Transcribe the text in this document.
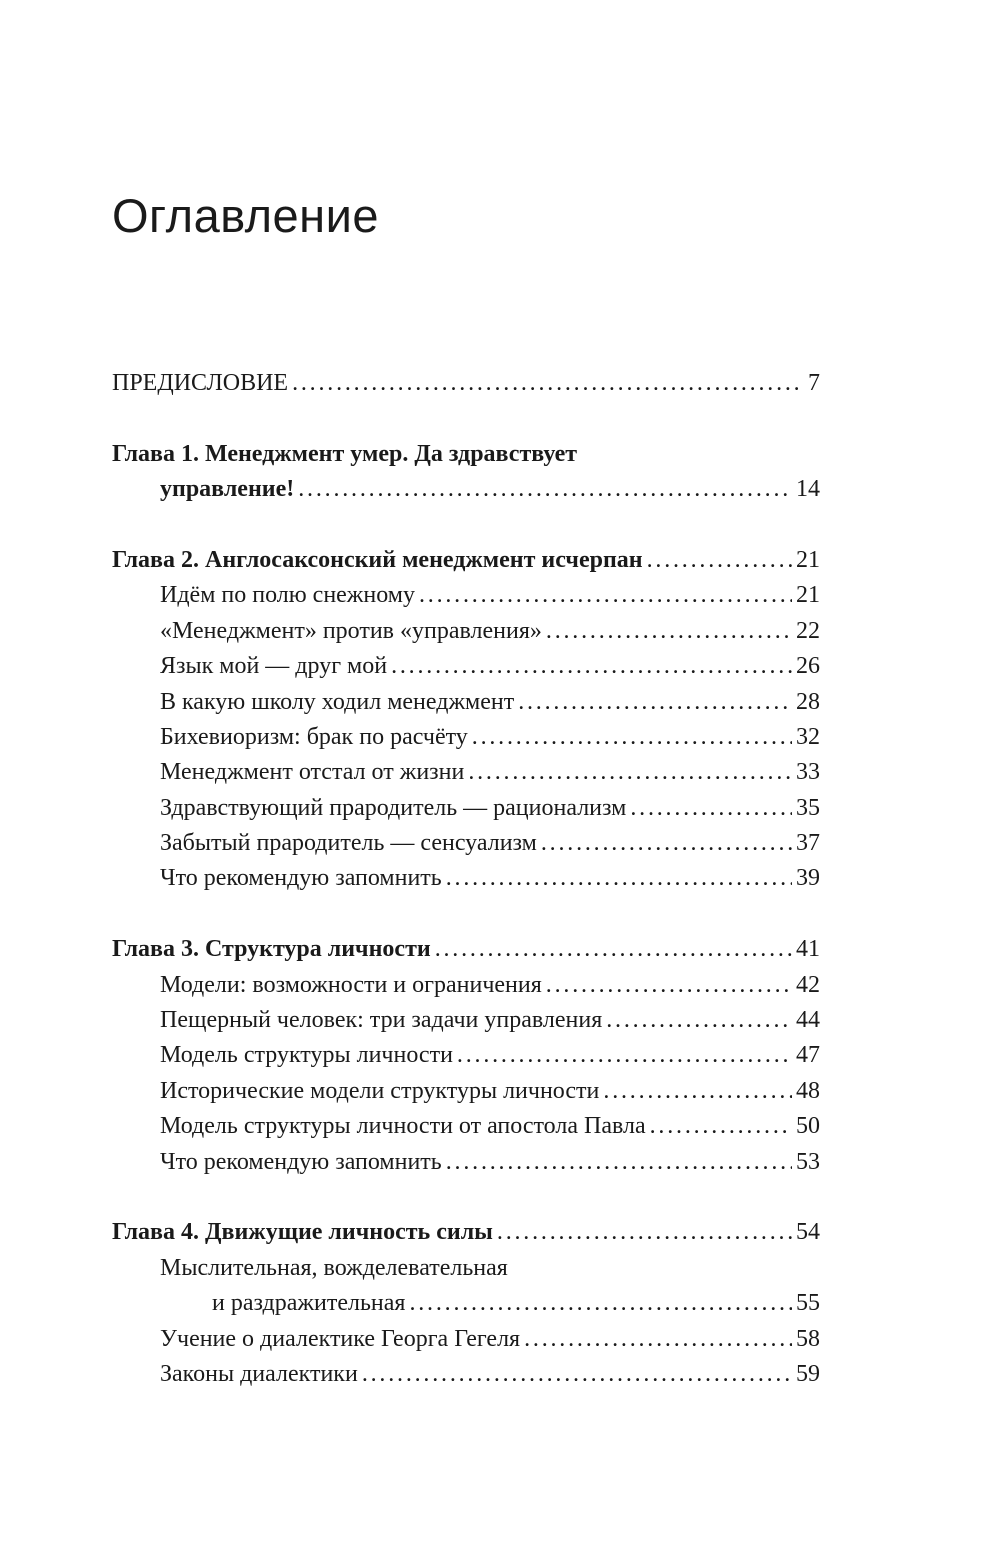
Оглавление
ПРЕДИСЛОВИЕ . . .	7
Глава 1. Менеджмент умер. Да здравствует
управление! . . .	14
Глава 2. Англосаксонский менеджмент исчерпан . . .	21
Идём по полю снежному . . .	21
«Менеджмент» против «управления» . . .	22
Язык мой — друг мой . . .	26
В какую школу ходил менеджмент . . .	28
Бихевиоризм: брак по расчёту . . .	32
Менеджмент отстал от жизни . . .	33
Здравствующий прародитель — рационализм . . .	35
Забытый прародитель — сенсуализм . . .	37
Что рекомендую запомнить . . .	39
Глава 3. Структура личности . . .	41
Модели: возможности и ограничения . . .	42
Пещерный человек: три задачи управления . . .	44
Модель структуры личности . . .	47
Исторические модели структуры личности . . .	48
Модель структуры личности от апостола Павла . . .	50
Что рекомендую запомнить . . .	53
Глава 4. Движущие личность силы . . .	54
Мыслительная, вожделевательная
и раздражительная . . .	55
Учение о диалектике Георга Гегеля . . .	58
Законы диалектики . . .	59
